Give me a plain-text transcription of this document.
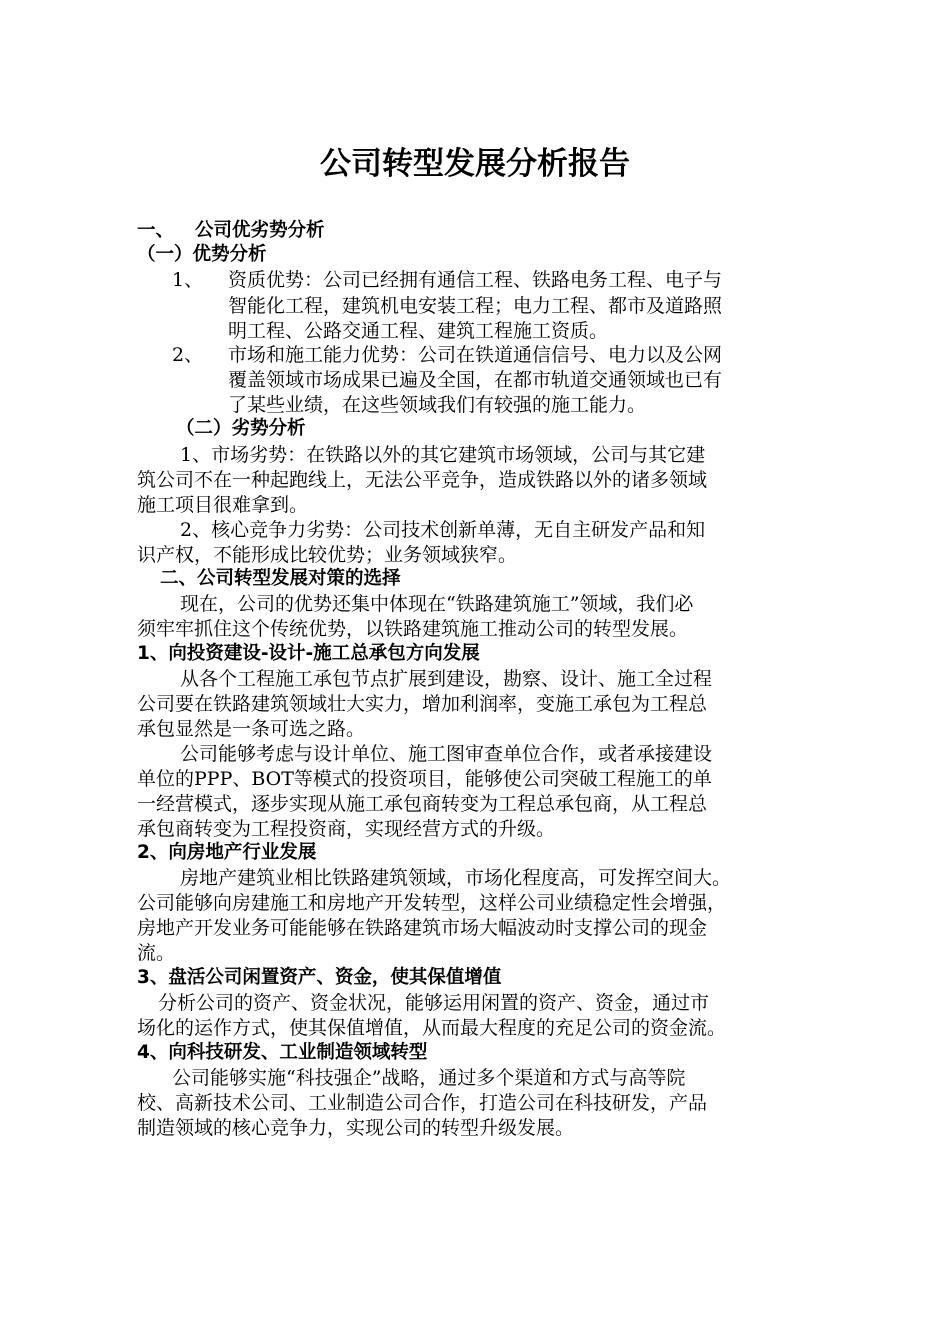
公司转型发展分析报告
一、 公司优劣势分析
（一）优势分析
1、 资质优势：公司已经拥有通信工程、铁路电务工程、电子与

智能化工程，建筑机电安装工程；电力工程、都市及道路照

明工程、公路交通工程、建筑工程施工资质。

2、 市场和施工能力优势：公司在铁道通信信号、电力以及公网

覆盖领域市场成果已遍及全国，在都市轨道交通领域也已有

了某些业绩，在这些领域我们有较强的施工能力。

（二）劣势分析

1、市场劣势：在铁路以外的其它建筑市场领域，公司与其它建

筑公司不在一种起跑线上，无法公平竞争，造成铁路以外的诸多领域

施工项目很难拿到。

2、核心竞争力劣势：公司技术创新单薄，无自主研发产品和知

识产权，不能形成比较优势；业务领域狭窄。

二、公司转型发展对策的选择

现在，公司的优势还集中体现在“铁路建筑施工”领域，我们必

须牢牢抓住这个传统优势，以铁路建筑施工推动公司的转型发展。

1、向投资建设-设计-施工总承包方向发展

从各个工程施工承包节点扩展到建设，勘察、设计、施工全过程

公司要在铁路建筑领域壮大实力，增加利润率，变施工承包为工程总

承包显然是一条可选之路。

公司能够考虑与设计单位、施工图审查单位合作，或者承接建设

单位的PPP、BOT等模式的投资项目，能够使公司突破工程施工的单

一经营模式，逐步实现从施工承包商转变为工程总承包商，从工程总

承包商转变为工程投资商，实现经营方式的升级。

2、向房地产行业发展

房地产建筑业相比铁路建筑领域，市场化程度高，可发挥空间大。

公司能够向房建施工和房地产开发转型，这样公司业绩稳定性会增强，

房地产开发业务可能能够在铁路建筑市场大幅波动时支撑公司的现金

流。

3、盘活公司闲置资产、资金，使其保值增值

分析公司的资产、资金状况，能够运用闲置的资产、资金，通过市

场化的运作方式，使其保值增值，从而最大程度的充足公司的资金流。

4、向科技研发、工业制造领域转型

公司能够实施“科技强企”战略，通过多个渠道和方式与高等院

校、高新技术公司、工业制造公司合作，打造公司在科技研发，产品

制造领域的核心竞争力，实现公司的转型升级发展。
